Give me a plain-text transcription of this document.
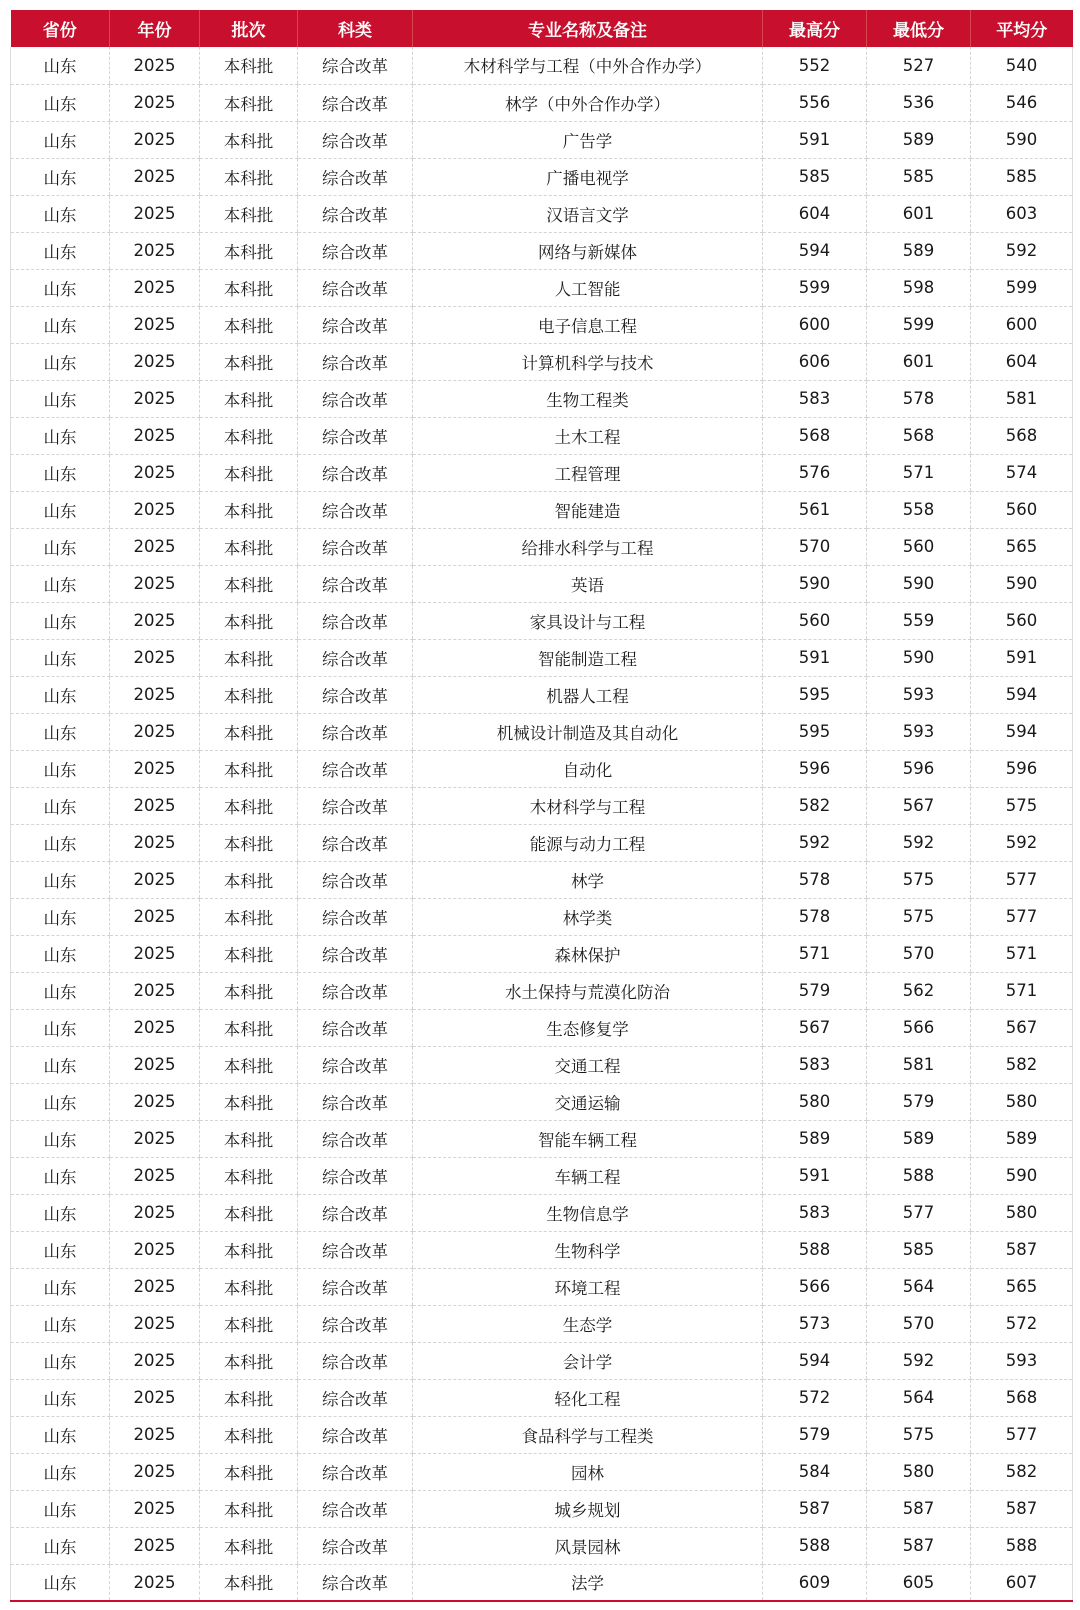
省份	年份	批次	科类	专业名称及备注	最高分	最低分	平均分
山东	2025	本科批	综合改革	木材科学与工程（中外合作办学）	552	527	540
山东	2025	本科批	综合改革	林学（中外合作办学）	556	536	546
山东	2025	本科批	综合改革	广告学	591	589	590
山东	2025	本科批	综合改革	广播电视学	585	585	585
山东	2025	本科批	综合改革	汉语言文学	604	601	603
山东	2025	本科批	综合改革	网络与新媒体	594	589	592
山东	2025	本科批	综合改革	人工智能	599	598	599
山东	2025	本科批	综合改革	电子信息工程	600	599	600
山东	2025	本科批	综合改革	计算机科学与技术	606	601	604
山东	2025	本科批	综合改革	生物工程类	583	578	581
山东	2025	本科批	综合改革	土木工程	568	568	568
山东	2025	本科批	综合改革	工程管理	576	571	574
山东	2025	本科批	综合改革	智能建造	561	558	560
山东	2025	本科批	综合改革	给排水科学与工程	570	560	565
山东	2025	本科批	综合改革	英语	590	590	590
山东	2025	本科批	综合改革	家具设计与工程	560	559	560
山东	2025	本科批	综合改革	智能制造工程	591	590	591
山东	2025	本科批	综合改革	机器人工程	595	593	594
山东	2025	本科批	综合改革	机械设计制造及其自动化	595	593	594
山东	2025	本科批	综合改革	自动化	596	596	596
山东	2025	本科批	综合改革	木材科学与工程	582	567	575
山东	2025	本科批	综合改革	能源与动力工程	592	592	592
山东	2025	本科批	综合改革	林学	578	575	577
山东	2025	本科批	综合改革	林学类	578	575	577
山东	2025	本科批	综合改革	森林保护	571	570	571
山东	2025	本科批	综合改革	水土保持与荒漠化防治	579	562	571
山东	2025	本科批	综合改革	生态修复学	567	566	567
山东	2025	本科批	综合改革	交通工程	583	581	582
山东	2025	本科批	综合改革	交通运输	580	579	580
山东	2025	本科批	综合改革	智能车辆工程	589	589	589
山东	2025	本科批	综合改革	车辆工程	591	588	590
山东	2025	本科批	综合改革	生物信息学	583	577	580
山东	2025	本科批	综合改革	生物科学	588	585	587
山东	2025	本科批	综合改革	环境工程	566	564	565
山东	2025	本科批	综合改革	生态学	573	570	572
山东	2025	本科批	综合改革	会计学	594	592	593
山东	2025	本科批	综合改革	轻化工程	572	564	568
山东	2025	本科批	综合改革	食品科学与工程类	579	575	577
山东	2025	本科批	综合改革	园林	584	580	582
山东	2025	本科批	综合改革	城乡规划	587	587	587
山东	2025	本科批	综合改革	风景园林	588	587	588
山东	2025	本科批	综合改革	法学	609	605	607
